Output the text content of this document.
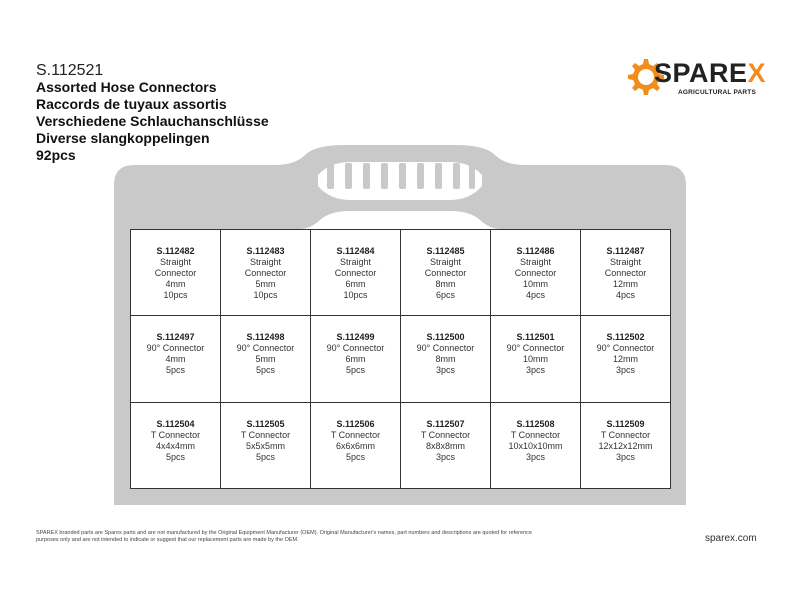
S.112521
Assorted Hose Connectors
Raccords de tuyaux assortis
Verschiedene Schlauchanschlüsse
Diverse slangkoppelingen
92pcs
SPAREX
AGRICULTURAL PARTS
S.112482
Straight
Connector
4mm
10pcs
S.112483
Straight
Connector
5mm
10pcs
S.112484
Straight
Connector
6mm
10pcs
S.112485
Straight
Connector
8mm
6pcs
S.112486
Straight
Connector
10mm
4pcs
S.112487
Straight
Connector
12mm
4pcs
S.112497
90° Connector
4mm
5pcs
S.112498
90° Connector
5mm
5pcs
S.112499
90° Connector
6mm
5pcs
S.112500
90° Connector
8mm
3pcs
S.112501
90° Connector
10mm
3pcs
S.112502
90° Connector
12mm
3pcs
S.112504
T Connector
4x4x4mm
5pcs
S.112505
T Connector
5x5x5mm
5pcs
S.112506
T Connector
6x6x6mm
5pcs
S.112507
T Connector
8x8x8mm
3pcs
S.112508
T Connector
10x10x10mm
3pcs
S.112509
T Connector
12x12x12mm
3pcs
SPAREX branded parts are Sparex parts and are not manufactured by the Original Equipment Manufacturer (OEM). Original Manufacturer's names, part numbers and descriptions are quoted for reference purposes only and are not intended to indicate or suggest that our replacement parts are made by the OEM.	sparex.com
